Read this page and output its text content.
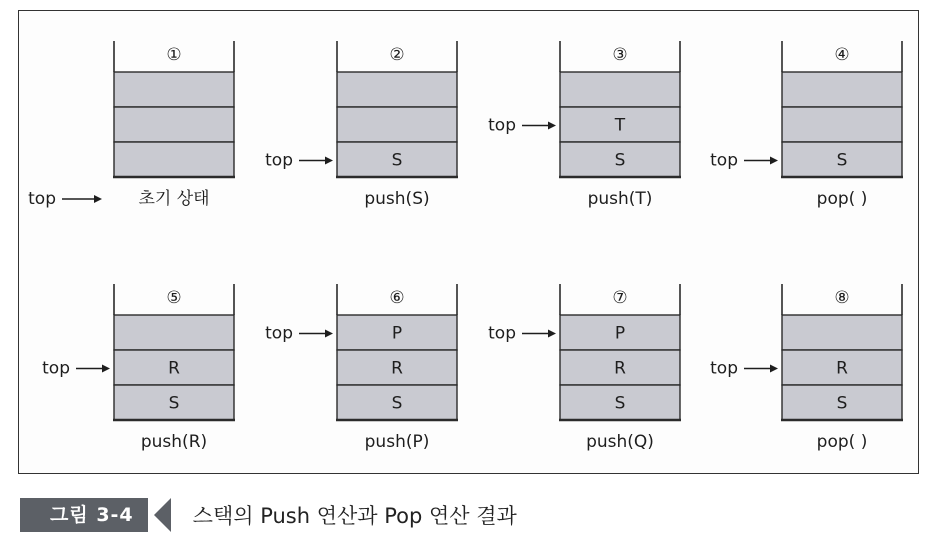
①
초기 상태
top
S
②
push(S)
top
T
S
③
push(T)
top
S
④
pop( )
top
R
S
⑤
push(R)
top
P
R
S
⑥
push(P)
top	P
R
S
⑦
push(Q)
top
R
S
⑧
pop( )
top
그림 3-4	스택의 Push 연산과 Pop 연산 결과
